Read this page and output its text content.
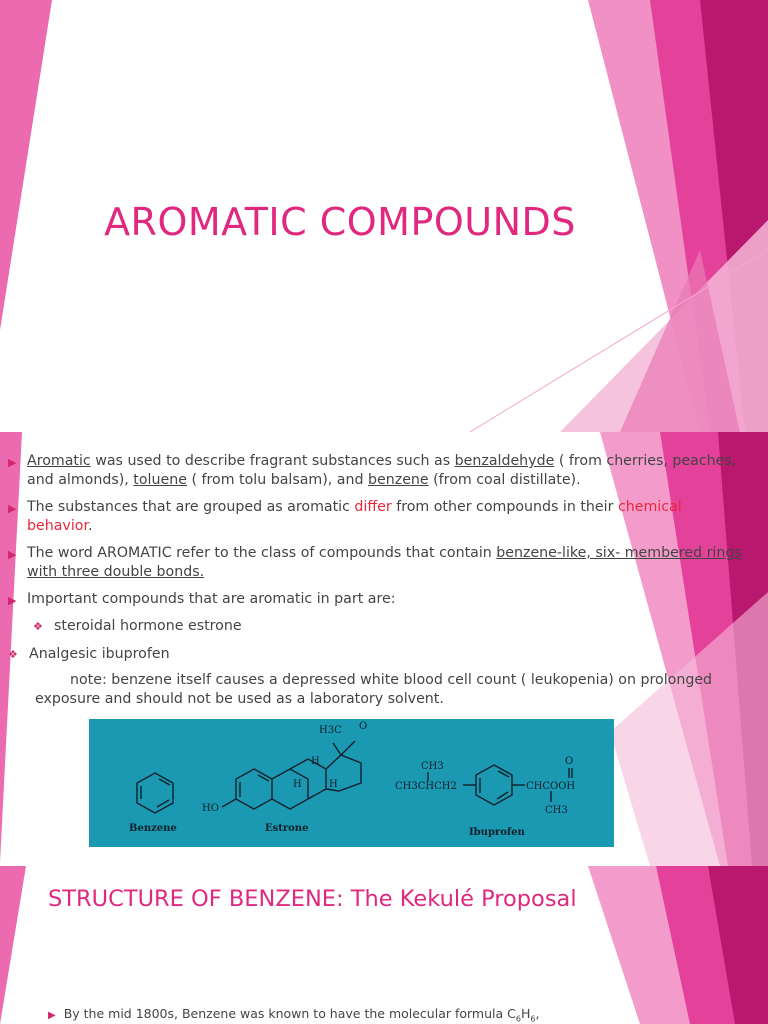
AROMATIC COMPOUNDS
▶ Aromatic was used to describe fragrant substances such as benzaldehyde ( from cherries, peaches, and almonds), toluene ( from tolu balsam), and benzene (from coal distillate).
▶ The substances that are grouped as aromatic differ from other compounds in their chemical behavior.
▶ The word AROMATIC refer to the class of compounds that contain benzene-like, six- membered rings with three double bonds.
▶ Important compounds that are aromatic in part are:
❖ steroidal hormone estrone
❖ Analgesic ibuprofen
note: benzene itself causes a depressed white blood cell count ( leukopenia) on prolonged exposure and should not be used as a laboratory solvent.
Benzene	Estrone	Ibuprofen
HO
H3C O
H
H	H
CH3
CH3CHCH2	CHCOOH
O
CH3
STRUCTURE OF BENZENE: The Kekulé Proposal
▶ By the mid 1800s, Benzene was known to have the molecular formula $C_6H_6$,
